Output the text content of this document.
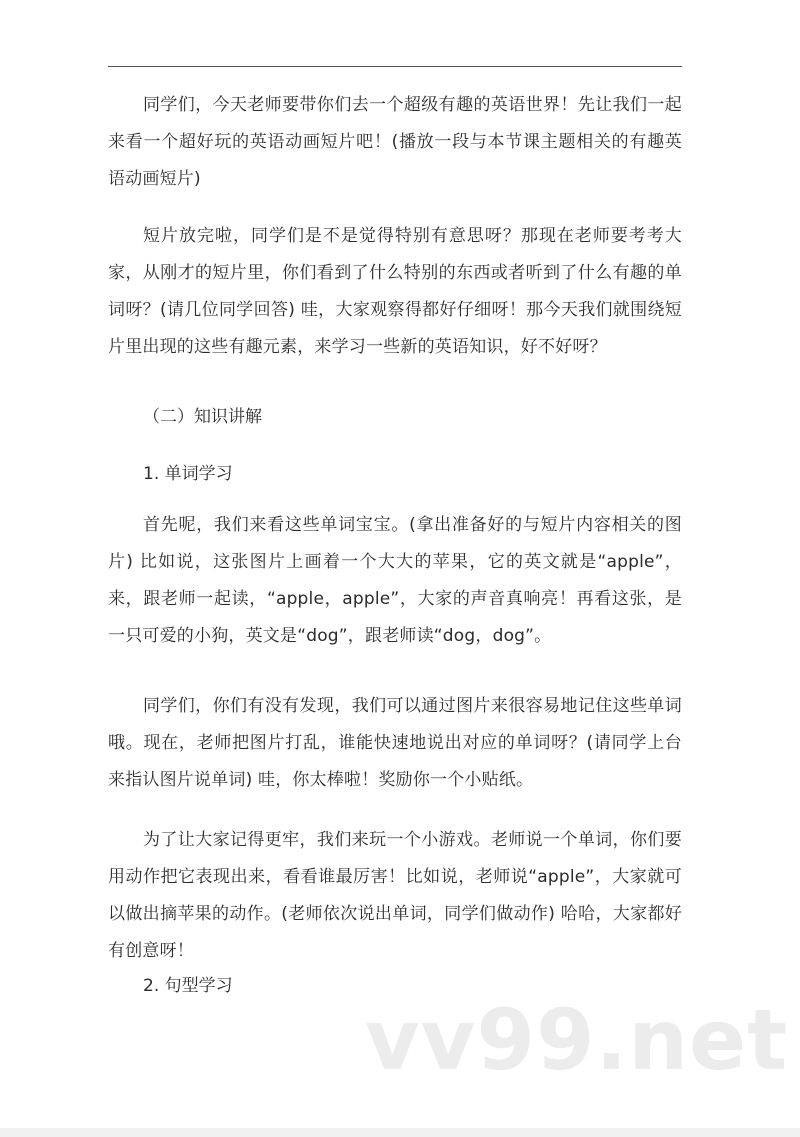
同学们，今天老师要带你们去一个超级有趣的英语世界！先让我们一起来看一个超好玩的英语动画短片吧！(播放一段与本节课主题相关的有趣英语动画短片)

短片放完啦，同学们是不是觉得特别有意思呀？那现在老师要考考大家，从刚才的短片里，你们看到了什么特别的东西或者听到了什么有趣的单词呀？(请几位同学回答) 哇，大家观察得都好仔细呀！那今天我们就围绕短片里出现的这些有趣元素，来学习一些新的英语知识，好不好呀？

（二）知识讲解

1. 单词学习

首先呢，我们来看这些单词宝宝。(拿出准备好的与短片内容相关的图片) 比如说，这张图片上画着一个大大的苹果，它的英文就是“apple”，来，跟老师一起读，“apple，apple”，大家的声音真响亮！再看这张，是一只可爱的小狗，英文是“dog”，跟老师读“dog，dog”。

同学们，你们有没有发现，我们可以通过图片来很容易地记住这些单词哦。现在，老师把图片打乱，谁能快速地说出对应的单词呀？(请同学上台来指认图片说单词) 哇，你太棒啦！奖励你一个小贴纸。

为了让大家记得更牢，我们来玩一个小游戏。老师说一个单词，你们要用动作把它表现出来，看看谁最厉害！比如说，老师说“apple”，大家就可以做出摘苹果的动作。(老师依次说出单词，同学们做动作) 哈哈，大家都好有创意呀！

2. 句型学习

vv99.net
